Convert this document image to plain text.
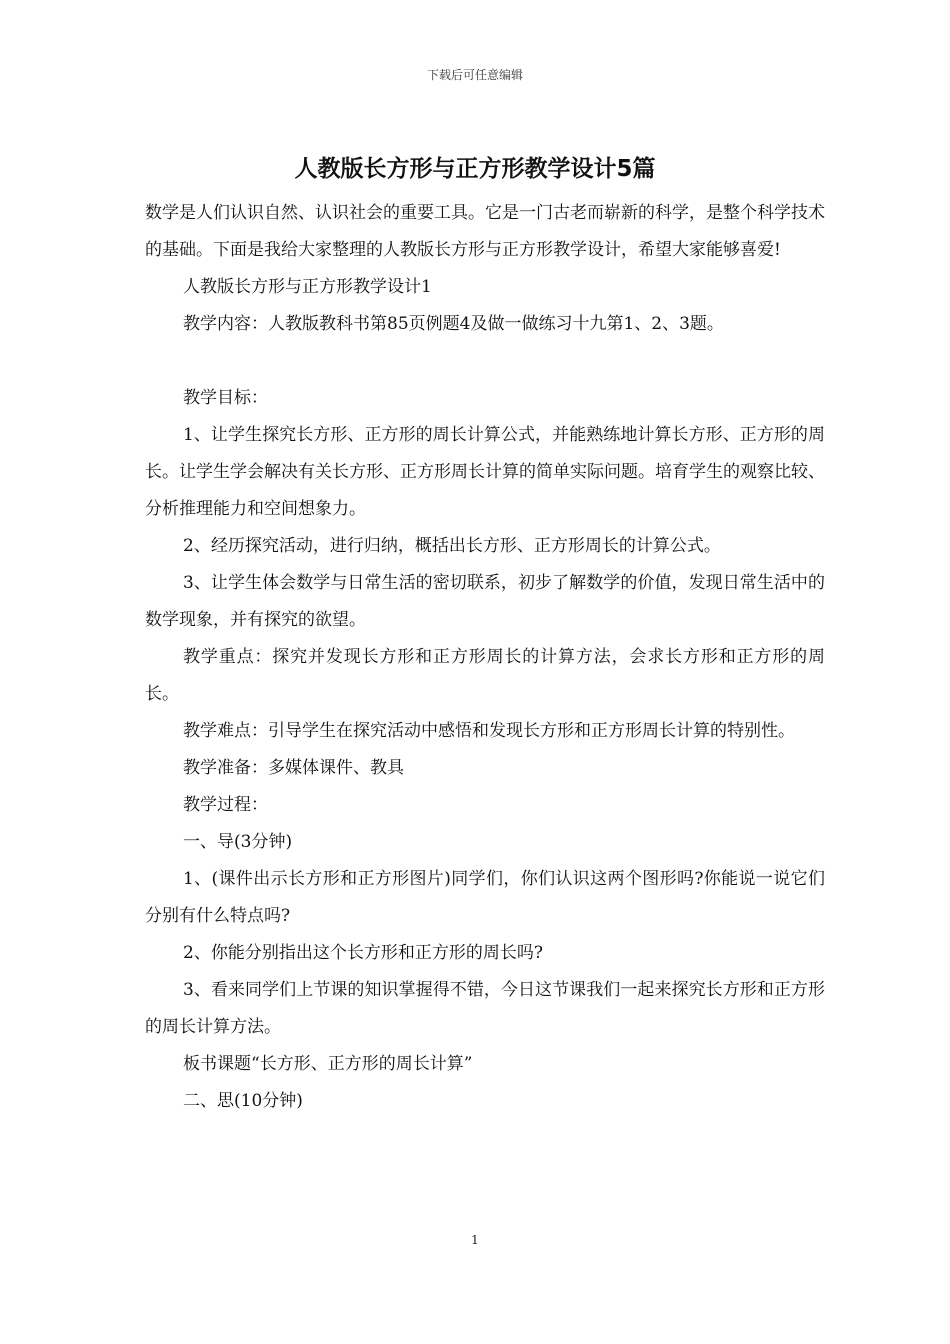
下载后可任意编辑
人教版长方形与正方形教学设计5篇

数学是人们认识自然、认识社会的重要工具。它是一门古老而崭新的科学，是整个科学技术的基础。下面是我给大家整理的人教版长方形与正方形教学设计，希望大家能够喜爱!

人教版长方形与正方形教学设计1

教学内容：人教版教科书第85页例题4及做一做练习十九第1、2、3题。

教学目标：

1、让学生探究长方形、正方形的周长计算公式，并能熟练地计算长方形、正方形的周长。让学生学会解决有关长方形、正方形周长计算的简单实际问题。培育学生的观察比较、分析推理能力和空间想象力。

2、经历探究活动，进行归纳，概括出长方形、正方形周长的计算公式。

3、让学生体会数学与日常生活的密切联系，初步了解数学的价值，发现日常生活中的数学现象，并有探究的欲望。

教学重点：探究并发现长方形和正方形周长的计算方法，会求长方形和正方形的周长。

教学难点：引导学生在探究活动中感悟和发现长方形和正方形周长计算的特别性。

教学准备：多媒体课件、教具

教学过程：

一、导(3分钟)

1、(课件出示长方形和正方形图片)同学们，你们认识这两个图形吗?你能说一说它们分别有什么特点吗?

2、你能分别指出这个长方形和正方形的周长吗?

3、看来同学们上节课的知识掌握得不错，今日这节课我们一起来探究长方形和正方形的周长计算方法。

板书课题“长方形、正方形的周长计算”

二、思(10分钟)

1
